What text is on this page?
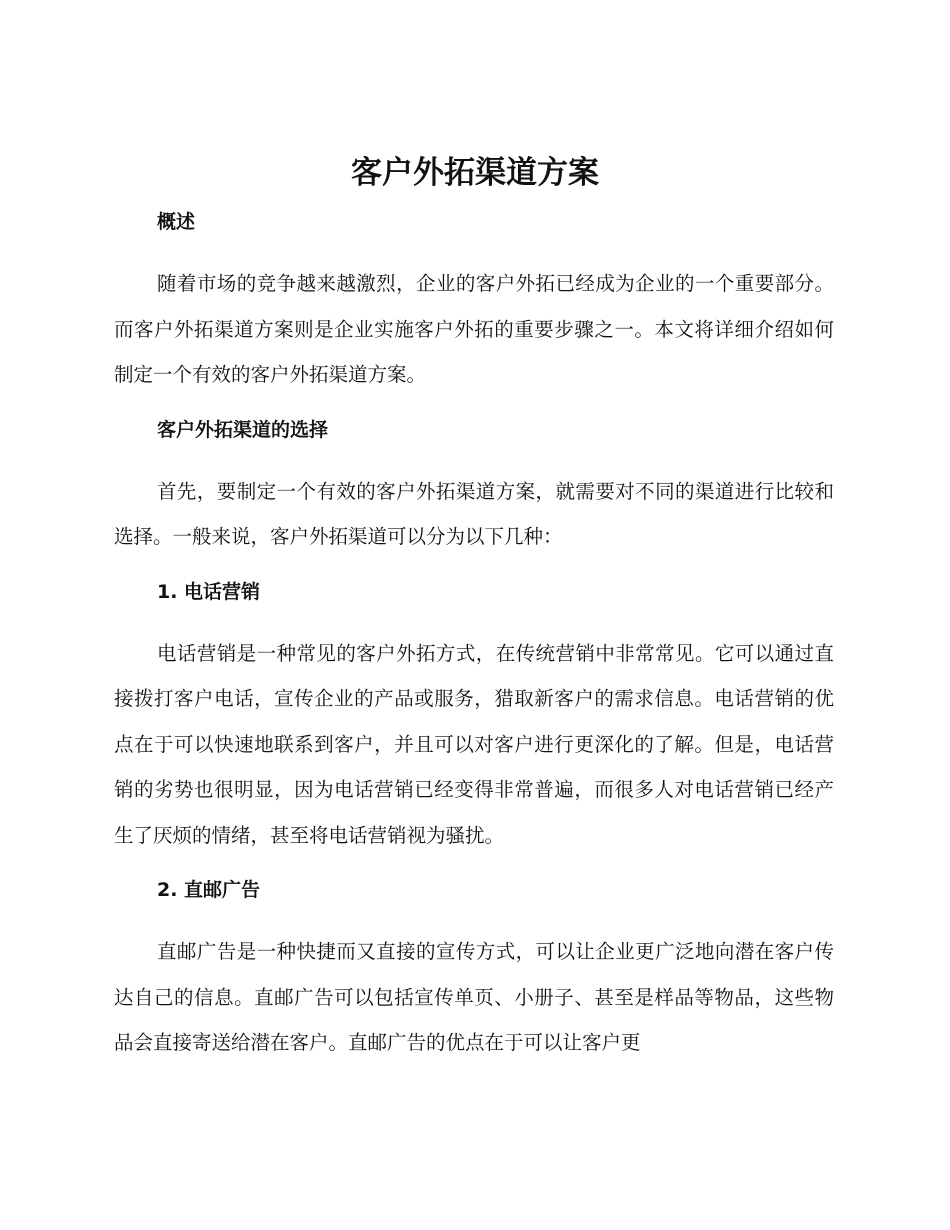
客户外拓渠道方案
概述

随着市场的竞争越来越激烈，企业的客户外拓已经成为企业的一个重要部分。而客户外拓渠道方案则是企业实施客户外拓的重要步骤之一。本文将详细介绍如何制定一个有效的客户外拓渠道方案。

客户外拓渠道的选择

首先，要制定一个有效的客户外拓渠道方案，就需要对不同的渠道进行比较和选择。一般来说，客户外拓渠道可以分为以下几种：

1. 电话营销

电话营销是一种常见的客户外拓方式，在传统营销中非常常见。它可以通过直接拨打客户电话，宣传企业的产品或服务，猎取新客户的需求信息。电话营销的优点在于可以快速地联系到客户，并且可以对客户进行更深化的了解。但是，电话营销的劣势也很明显，因为电话营销已经变得非常普遍，而很多人对电话营销已经产生了厌烦的情绪，甚至将电话营销视为骚扰。

2. 直邮广告

直邮广告是一种快捷而又直接的宣传方式，可以让企业更广泛地向潜在客户传达自己的信息。直邮广告可以包括宣传单页、小册子、甚至是样品等物品，这些物品会直接寄送给潜在客户。直邮广告的优点在于可以让客户更
